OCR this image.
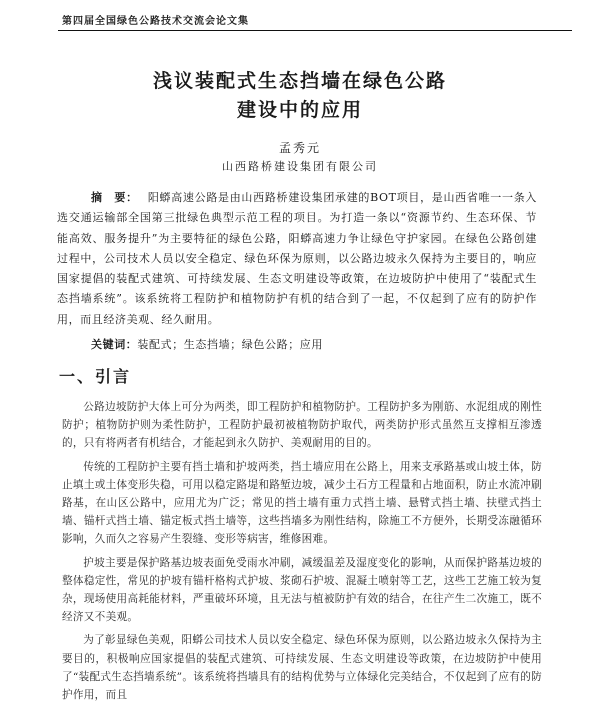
第四届全国绿色公路技术交流会论文集
浅议装配式生态挡墙在绿色公路
建设中的应用
孟秀元
山西路桥建设集团有限公司
摘　要： 阳蟒高速公路是由山西路桥建设集团承建的BOT项目，是山西省唯一一条入选交通运输部全国第三批绿色典型示范工程的项目。为打造一条以“资源节约、生态环保、节能高效、服务提升”为主要特征的绿色公路，阳蟒高速力争让绿色守护家园。在绿色公路创建过程中，公司技术人员以安全稳定、绿色环保为原则，以公路边坡永久保持为主要目的，响应国家提倡的装配式建筑、可持续发展、生态文明建设等政策，在边坡防护中使用了“装配式生态挡墙系统”。该系统将工程防护和植物防护有机的结合到了一起，不仅起到了应有的防护作用，而且经济美观、经久耐用。
关键词：装配式；生态挡墙；绿色公路；应用
一、引言

公路边坡防护大体上可分为两类，即工程防护和植物防护。工程防护多为刚筋、水泥组成的刚性防护；植物防护则为柔性防护，工程防护最初被植物防护取代，两类防护形式虽然互支撑相互渗透的，只有将两者有机结合，才能起到永久防护、美观耐用的目的。

传统的工程防护主要有挡土墙和护坡两类，挡土墙应用在公路上，用来支承路基或山坡土体，防止填土或土体变形失稳，可用以稳定路堤和路堑边坡，减少土石方工程量和占地面积，防止水流冲刷路基，在山区公路中，应用尤为广泛；常见的挡土墙有重力式挡土墙、悬臂式挡土墙、扶壁式挡土墙、锚杆式挡土墙、锚定板式挡土墙等，这些挡墙多为刚性结构，除施工不方便外，长期受冻融循环影响，久而久之容易产生裂缝、变形等病害，维修困难。

护坡主要是保护路基边坡表面免受雨水冲刷，减缓温差及湿度变化的影响，从而保护路基边坡的整体稳定性，常见的护坡有锚杆格构式护坡、浆砌石护坡、混凝土喷射等工艺，这些工艺施工较为复杂，现场使用高耗能材料，严重破坏环境，且无法与植被防护有效的结合，在往产生二次施工，既不经济又不美观。

为了彰显绿色美观，阳蟒公司技术人员以安全稳定、绿色环保为原则，以公路边坡永久保持为主要目的，积极响应国家提倡的装配式建筑、可持续发展、生态文明建设等政策，在边坡防护中使用了“装配式生态挡墙系统”。该系统将挡墙具有的结构优势与立体绿化完美结合，不仅起到了应有的防护作用，而且
